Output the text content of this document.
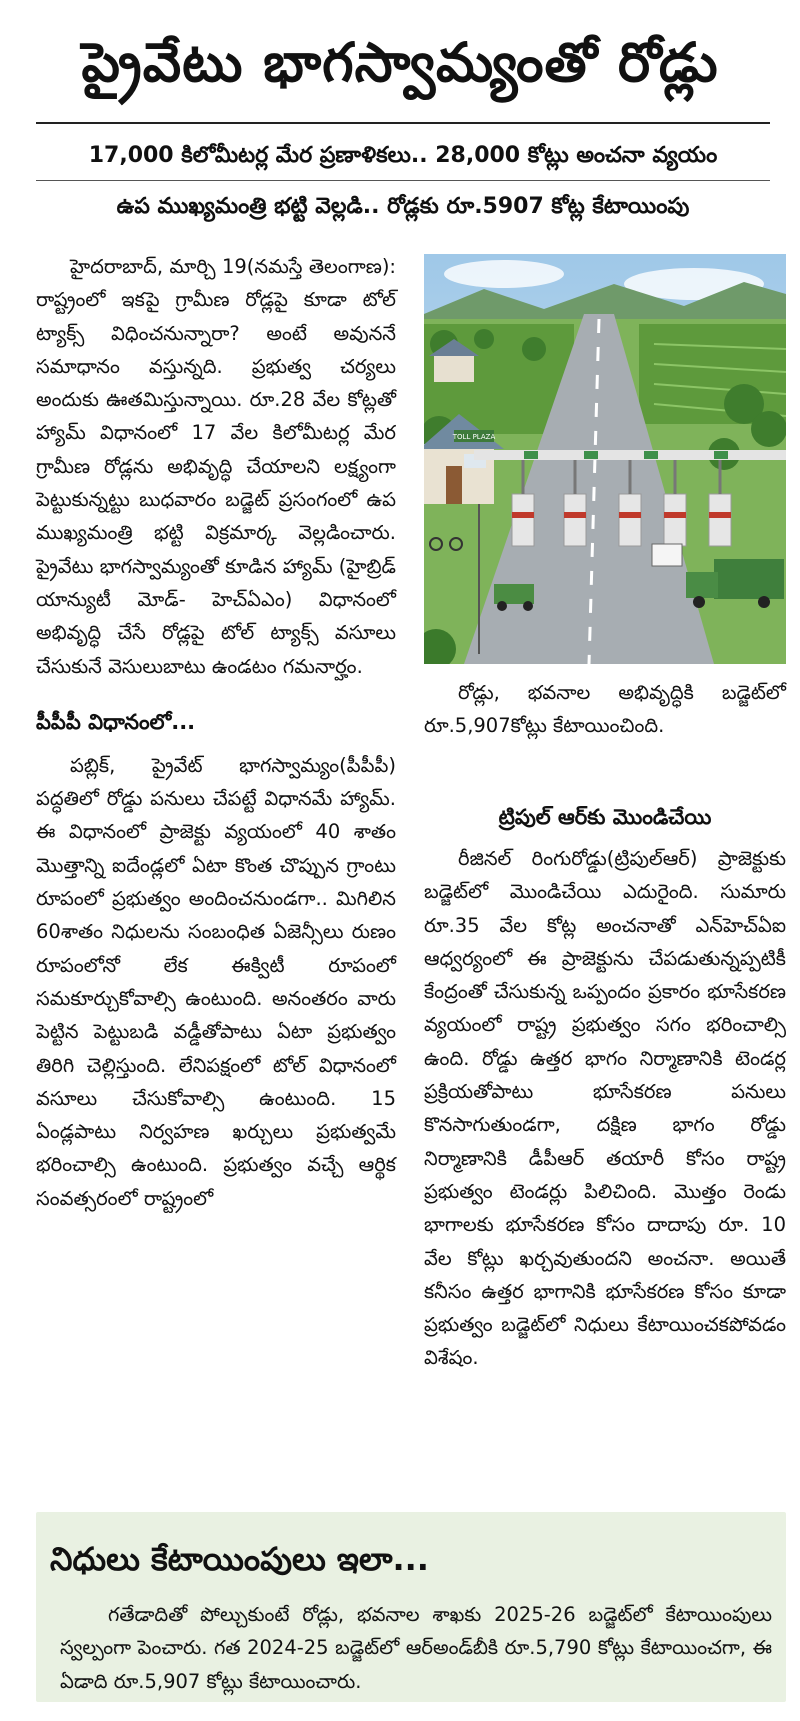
ప్రైవేటు భాగస్వామ్యంతో రోడ్లు
17,000 కిలోమీటర్ల మేర ప్రణాళికలు.. 28,000 కోట్లు అంచనా వ్యయం
ఉప ముఖ్యమంత్రి భట్టి వెల్లడి.. రోడ్లకు రూ.5907 కోట్ల కేటాయింపు

హైదరాబాద్, మార్చి 19(నమస్తే తెలంగాణ): రాష్ట్రంలో ఇకపై గ్రామీణ రోడ్లపై కూడా టోల్ ట్యాక్స్ విధించనున్నారా? అంటే అవుననే సమాధానం వస్తున్నది. ప్రభుత్వ చర్యలు అందుకు ఊతమిస్తున్నాయి. రూ.28 వేల కోట్లతో హ్యామ్ విధానంలో 17 వేల కిలోమీటర్ల మేర గ్రామీణ రోడ్లను అభివృద్ధి చేయాలని లక్ష్యంగా పెట్టుకున్నట్టు బుధవారం బడ్జెట్ ప్రసంగంలో ఉప ముఖ్యమంత్రి భట్టి విక్రమార్క వెల్లడించారు. ప్రైవేటు భాగస్వామ్యంతో కూడిన హ్యామ్ (హైబ్రిడ్ యాన్యుటీ మోడ్- హెచ్ఏఎం) విధానంలో అభివృద్ధి చేసే రోడ్లపై టోల్ ట్యాక్స్ వసూలు చేసుకునే వెసులుబాటు ఉండటం గమనార్హం.

పీపీపీ విధానంలో...

పబ్లిక్, ప్రైవేట్ భాగస్వామ్యం(పీపీపీ) పద్ధతిలో రోడ్డు పనులు చేపట్టే విధానమే హ్యామ్. ఈ విధానంలో ప్రాజెక్టు వ్యయంలో 40 శాతం మొత్తాన్ని ఐదేండ్లలో ఏటా కొంత చొప్పున గ్రాంటు రూపంలో ప్రభుత్వం అందించనుండగా.. మిగిలిన 60శాతం నిధులను సంబంధిత ఏజెన్సీలు రుణం రూపంలోనో లేక ఈక్విటీ రూపంలో సమకూర్చుకోవాల్సి ఉంటుంది. అనంతరం వారు పెట్టిన పెట్టుబడి వడ్డీతోపాటు ఏటా ప్రభుత్వం తిరిగి చెల్లిస్తుంది. లేనిపక్షంలో టోల్ విధానంలో వసూలు చేసుకోవాల్సి ఉంటుంది. 15 ఏండ్లపాటు నిర్వహణ ఖర్చులు ప్రభుత్వమే భరించాల్సి ఉంటుంది. ప్రభుత్వం వచ్చే ఆర్థిక సంవత్సరంలో రాష్ట్రంలో

TOLL PLAZA

రోడ్లు, భవనాల అభివృద్ధికి బడ్జెట్‌లో రూ.5,907కోట్లు కేటాయించింది.

ట్రిపుల్ ఆర్‌కు మొండిచేయి

రీజినల్ రింగురోడ్డు(ట్రిపుల్ఆర్) ప్రాజెక్టుకు బడ్జెట్‌లో మొండిచేయి ఎదురైంది. సుమారు రూ.35 వేల కోట్ల అంచనాతో ఎన్‌హెచ్ఏఐ ఆధ్వర్యంలో ఈ ప్రాజెక్టును చేపడుతున్నప్పటికీ కేంద్రంతో చేసుకున్న ఒప్పందం ప్రకారం భూసేకరణ వ్యయంలో రాష్ట్ర ప్రభుత్వం సగం భరించాల్సి ఉంది. రోడ్డు ఉత్తర భాగం నిర్మాణానికి టెండర్ల ప్రక్రియతోపాటు భూసేకరణ పనులు కొనసాగుతుండగా, దక్షిణ భాగం రోడ్డు నిర్మాణానికి డీపీఆర్ తయారీ కోసం రాష్ట్ర ప్రభుత్వం టెండర్లు పిలిచింది. మొత్తం రెండు భాగాలకు భూసేకరణ కోసం దాదాపు రూ. 10 వేల కోట్లు ఖర్చవుతుందని అంచనా. అయితే కనీసం ఉత్తర భాగానికి భూసేకరణ కోసం కూడా ప్రభుత్వం బడ్జెట్‌లో నిధులు కేటాయించకపోవడం విశేషం.

నిధులు కేటాయింపులు ఇలా...

గతేడాదితో పోల్చుకుంటే రోడ్లు, భవనాల శాఖకు 2025-26 బడ్జెట్‌లో కేటాయింపులు స్వల్పంగా పెంచారు. గత 2024-25 బడ్జెట్‌లో ఆర్అండ్‌బీకి రూ.5,790 కోట్లు కేటాయించగా, ఈ ఏడాది రూ.5,907 కోట్లు కేటాయించారు.
